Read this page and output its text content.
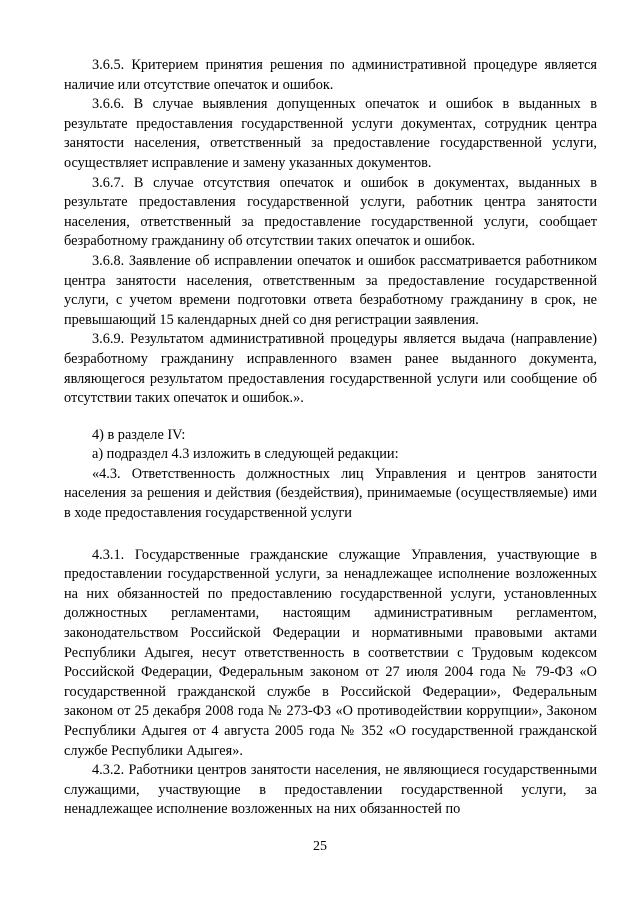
3.6.5. Критерием принятия решения по административной процедуре является наличие или отсутствие опечаток и ошибок.

3.6.6. В случае выявления допущенных опечаток и ошибок в выданных в результате предоставления государственной услуги документах, сотрудник центра занятости населения, ответственный за предоставление государственной услуги, осуществляет исправление и замену указанных документов.

3.6.7. В случае отсутствия опечаток и ошибок в документах, выданных в результате предоставления государственной услуги, работник центра занятости населения, ответственный за предоставление государственной услуги, сообщает безработному гражданину об отсутствии таких опечаток и ошибок.

3.6.8. Заявление об исправлении опечаток и ошибок рассматривается работником центра занятости населения, ответственным за предоставление государственной услуги, с учетом времени подготовки ответа безработному гражданину в срок, не превышающий 15 календарных дней со дня регистрации заявления.

3.6.9. Результатом административной процедуры является выдача (направление) безработному гражданину исправленного взамен ранее выданного документа, являющегося результатом предоставления государственной услуги или сообщение об отсутствии таких опечаток и ошибок.».

4) в разделе IV:

а) подраздел 4.3 изложить в следующей редакции:

«4.3. Ответственность должностных лиц Управления и центров занятости населения за решения и действия (бездействия), принимаемые (осуществляемые) ими в ходе предоставления государственной услуги

4.3.1. Государственные гражданские служащие Управления, участвующие в предоставлении государственной услуги, за ненадлежащее исполнение возложенных на них обязанностей по предоставлению государственной услуги, установленных должностных регламентами, настоящим административным регламентом, законодательством Российской Федерации и нормативными правовыми актами Республики Адыгея, несут ответственность в соответствии с Трудовым кодексом Российской Федерации, Федеральным законом от 27 июля 2004 года № 79-ФЗ «О государственной гражданской службе в Российской Федерации», Федеральным законом от 25 декабря 2008 года № 273-ФЗ «О противодействии коррупции», Законом Республики Адыгея от 4 августа 2005 года № 352 «О государственной гражданской службе Республики Адыгея».

4.3.2. Работники центров занятости населения, не являющиеся государственными служащими, участвующие в предоставлении государственной услуги, за ненадлежащее исполнение возложенных на них обязанностей по

25
